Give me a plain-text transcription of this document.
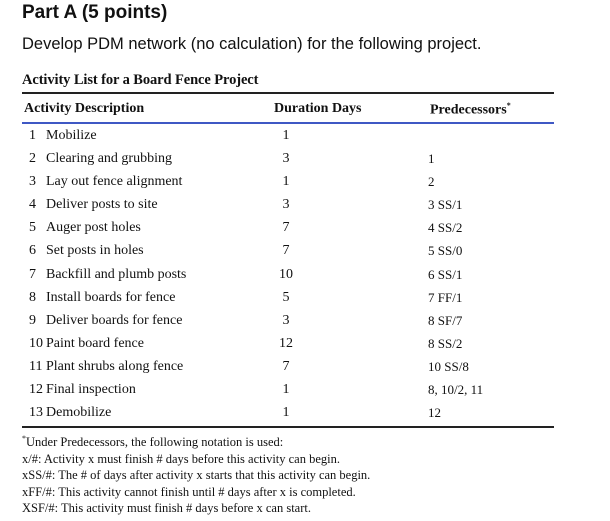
Part A (5 points)
Develop PDM network (no calculation) for the following project.
Activity List for a Board Fence Project
Activity Description	Duration Days	Predecessors*
1 Mobilize	1
2 Clearing and grubbing	3	1
3 Lay out fence alignment	1	2
4 Deliver posts to site	3	3 SS/1
5 Auger post holes	7	4 SS/2
6 Set posts in holes	7	5 SS/0
7 Backfill and plumb posts	10	6 SS/1
8 Install boards for fence	5	7 FF/1
9 Deliver boards for fence	3	8 SF/7
10 Paint board fence	12	8 SS/2
11 Plant shrubs along fence	7	10 SS/8
12 Final inspection	1	8, 10/2, 11
13 Demobilize	1	12
*Under Predecessors, the following notation is used:
x/#: Activity x must finish # days before this activity can begin.
xSS/#: The # of days after activity x starts that this activity can begin.
xFF/#: This activity cannot finish until # days after x is completed.
XSF/#: This activity must finish # days before x can start.
